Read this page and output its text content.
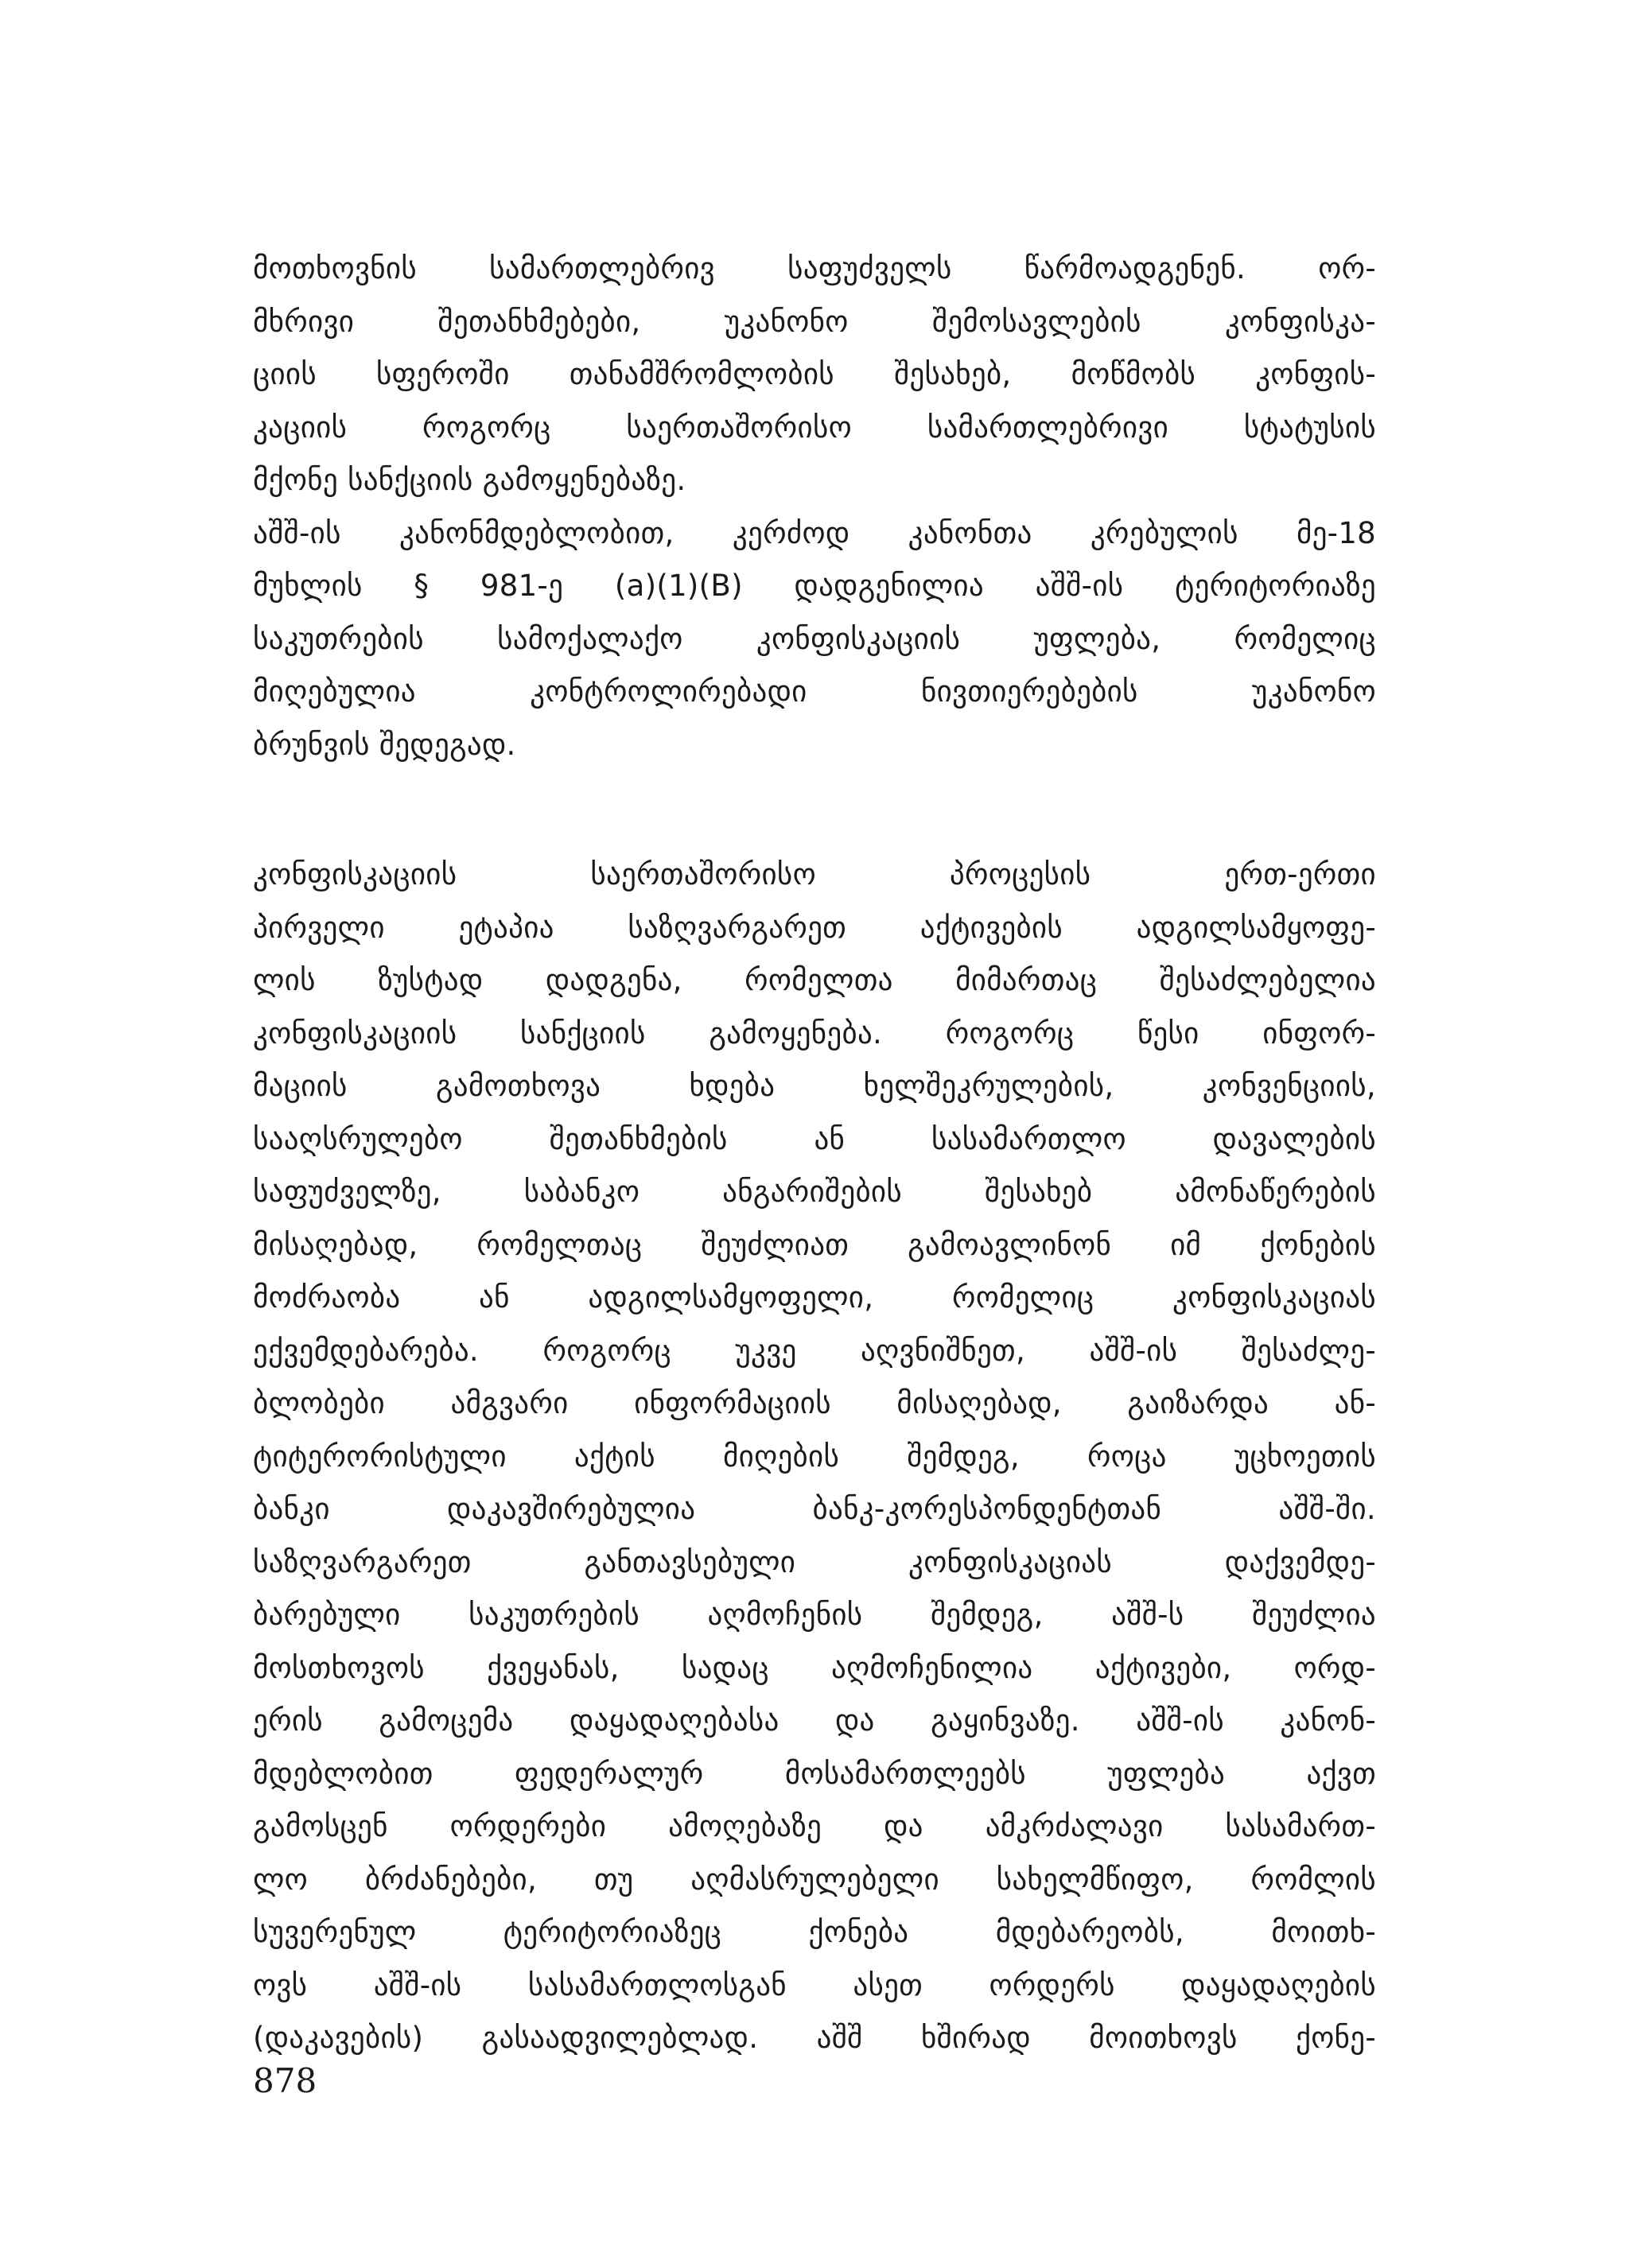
მოთხოვნის სამართლებრივ საფუძველს წარმოადგენენ. ორ-
მხრივი შეთანხმებები, უკანონო შემოსავლების კონფისკა-
ციის სფეროში თანამშრომლობის შესახებ, მოწმობს კონფის-
კაციის როგორც საერთაშორისო სამართლებრივი სტატუსის
მქონე სანქციის გამოყენებაზე.
აშშ-ის კანონმდებლობით, კერძოდ კანონთა კრებულის მე-18
მუხლის § 981-ე (a)(1)(B) დადგენილია აშშ-ის ტერიტორიაზე
საკუთრების სამოქალაქო კონფისკაციის უფლება, რომელიც
მიღებულია კონტროლირებადი ნივთიერებების უკანონო
ბრუნვის შედეგად.
კონფისკაციის საერთაშორისო პროცესის ერთ-ერთი
პირველი ეტაპია საზღვარგარეთ აქტივების ადგილსამყოფე-
ლის ზუსტად დადგენა, რომელთა მიმართაც შესაძლებელია
კონფისკაციის სანქციის გამოყენება. როგორც წესი ინფორ-
მაციის გამოთხოვა ხდება ხელშეკრულების, კონვენციის,
სააღსრულებო შეთანხმების ან სასამართლო დავალების
საფუძველზე, საბანკო ანგარიშების შესახებ ამონაწერების
მისაღებად, რომელთაც შეუძლიათ გამოავლინონ იმ ქონების
მოძრაობა ან ადგილსამყოფელი, რომელიც კონფისკაციას
ექვემდებარება. როგორც უკვე აღვნიშნეთ, აშშ-ის შესაძლე-
ბლობები ამგვარი ინფორმაციის მისაღებად, გაიზარდა ან-
ტიტერორისტული აქტის მიღების შემდეგ, როცა უცხოეთის
ბანკი დაკავშირებულია ბანკ-კორესპონდენტთან აშშ-ში.
საზღვარგარეთ განთავსებული კონფისკაციას დაქვემდე-
ბარებული საკუთრების აღმოჩენის შემდეგ, აშშ-ს შეუძლია
მოსთხოვოს ქვეყანას, სადაც აღმოჩენილია აქტივები, ორდ-
ერის გამოცემა დაყადაღებასა და გაყინვაზე. აშშ-ის კანონ-
მდებლობით ფედერალურ მოსამართლეებს უფლება აქვთ
გამოსცენ ორდერები ამოღებაზე და ამკრძალავი სასამართ-
ლო ბრძანებები, თუ აღმასრულებელი სახელმწიფო, რომლის
სუვერენულ ტერიტორიაზეც ქონება მდებარეობს, მოითხ-
ოვს აშშ-ის სასამართლოსგან ასეთ ორდერს დაყადაღების
(დაკავების) გასაადვილებლად. აშშ ხშირად მოითხოვს ქონე-
878
